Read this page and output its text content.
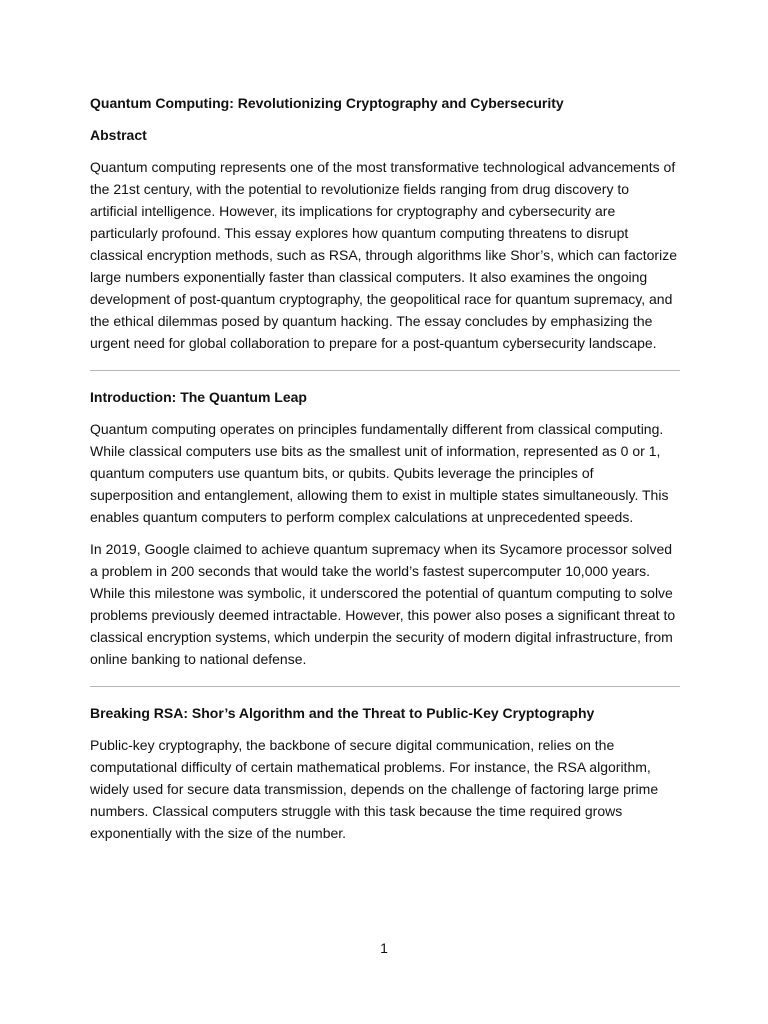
Quantum Computing: Revolutionizing Cryptography and Cybersecurity
Abstract

Quantum computing represents one of the most transformative technological advancements of the 21st century, with the potential to revolutionize fields ranging from drug discovery to artificial intelligence. However, its implications for cryptography and cybersecurity are particularly profound. This essay explores how quantum computing threatens to disrupt classical encryption methods, such as RSA, through algorithms like Shor’s, which can factorize large numbers exponentially faster than classical computers. It also examines the ongoing development of post-quantum cryptography, the geopolitical race for quantum supremacy, and the ethical dilemmas posed by quantum hacking. The essay concludes by emphasizing the urgent need for global collaboration to prepare for a post-quantum cybersecurity landscape.

Introduction: The Quantum Leap

Quantum computing operates on principles fundamentally different from classical computing. While classical computers use bits as the smallest unit of information, represented as 0 or 1, quantum computers use quantum bits, or qubits. Qubits leverage the principles of superposition and entanglement, allowing them to exist in multiple states simultaneously. This enables quantum computers to perform complex calculations at unprecedented speeds.

In 2019, Google claimed to achieve quantum supremacy when its Sycamore processor solved a problem in 200 seconds that would take the world’s fastest supercomputer 10,000 years. While this milestone was symbolic, it underscored the potential of quantum computing to solve problems previously deemed intractable. However, this power also poses a significant threat to classical encryption systems, which underpin the security of modern digital infrastructure, from online banking to national defense.

Breaking RSA: Shor’s Algorithm and the Threat to Public-Key Cryptography

Public-key cryptography, the backbone of secure digital communication, relies on the computational difficulty of certain mathematical problems. For instance, the RSA algorithm, widely used for secure data transmission, depends on the challenge of factoring large prime numbers. Classical computers struggle with this task because the time required grows exponentially with the size of the number.

1
